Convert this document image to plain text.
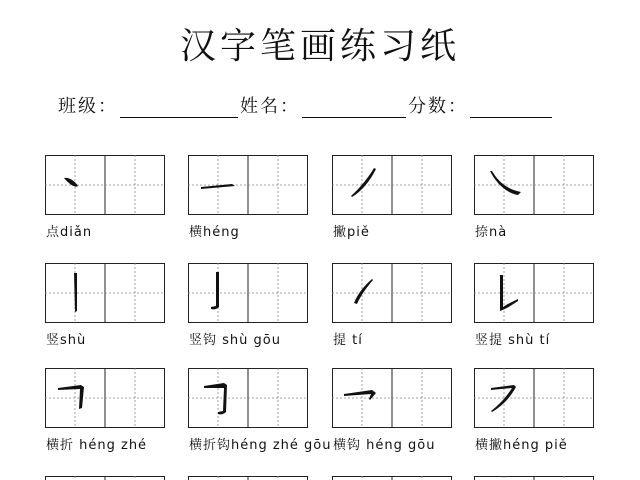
汉字笔画练习纸
班级：	姓名：	分数：
点diǎn	横héng	撇piě	捺nà
竖shù	竖钩 shù gōu	提 tí	竖提 shù tí
横折 héng zhé	横折钩héng zhé gōu 横钩 héng gōu	横撇héng piě
